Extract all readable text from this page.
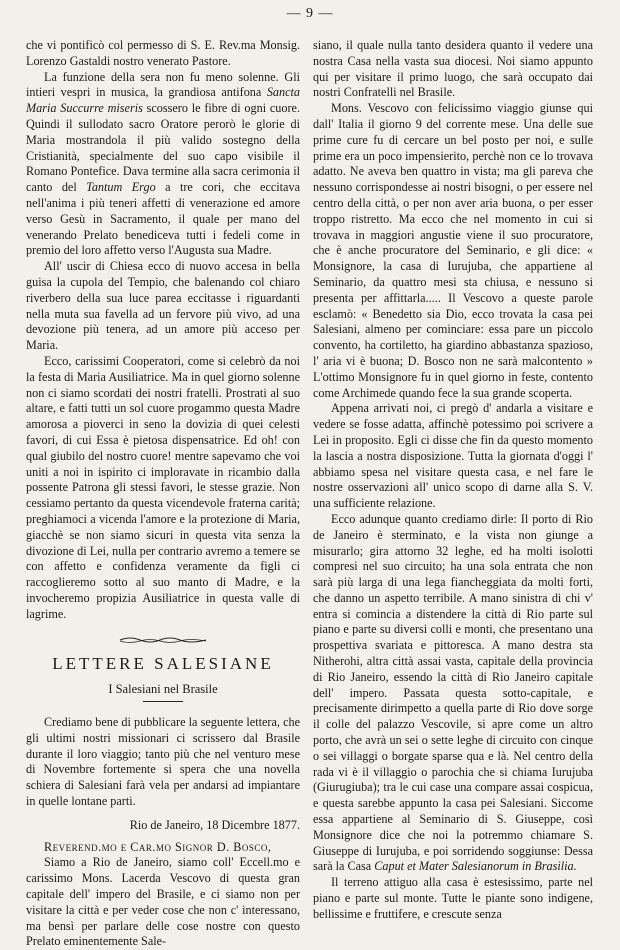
— 9 —

che vi pontificò col permesso di S. E. Rev.ma Monsig. Lorenzo Gastaldi nostro venerato Pastore.

La funzione della sera non fu meno solenne. Gli intieri vespri in musica, la grandiosa antifona Sancta Maria Succurre miseris scossero le fibre di ogni cuore. Quindi il sullodato sacro Oratore perorò le glorie di Maria mostrandola il più valido sostegno della Cristianità, specialmente del suo capo visibile il Romano Pontefice. Dava termine alla sacra cerimonia il canto del Tantum Ergo a tre cori, che eccitava nell'anima i più teneri affetti di venerazione ed amore verso Gesù in Sacramento, il quale per mano del venerando Prelato benediceva tutti i fedeli come in premio del loro affetto verso l'Augusta sua Madre.

All' uscir di Chiesa ecco di nuovo accesa in bella guisa la cupola del Tempio, che balenando col chiaro riverbero della sua luce parea eccitasse i riguardanti nella muta sua favella ad un fervore più vivo, ad una devozione più tenera, ad un amore più acceso per Maria.

Ecco, carissimi Cooperatori, come si celebrò da noi la festa di Maria Ausiliatrice. Ma in quel giorno solenne non ci siamo scordati dei nostri fratelli. Prostrati al suo altare, e fatti tutti un sol cuore progammo questa Madre amorosa a pioverci in seno la dovizia di quei celesti favori, di cui Essa è pietosa dispensatrice. Ed oh! con qual giubilo del nostro cuore! mentre sapevamo che voi uniti a noi in ispirito ci imploravate in ricambio dalla possente Patrona gli stessi favori, le stesse grazie. Non cessiamo pertanto da questa vicendevole fraterna carità; preghiamoci a vicenda l'amore e la protezione di Maria, giacchè se non siamo sicuri in questa vita senza la divozione di Lei, nulla per contrario avremo a temere se con affetto e confidenza veramente da figli ci raccoglieremo sotto al suo manto di Madre, e la invocheremo propizia Ausiliatrice in questa valle di lagrime.

LETTERE SALESIANE
I Salesiani nel Brasile

Crediamo bene di pubblicare la seguente lettera, che gli ultimi nostri missionari ci scrissero dal Brasile durante il loro viaggio; tanto più che nel venturo mese di Novembre fortemente si spera che una novella schiera di Salesiani farà vela per andarsi ad impiantare in quelle lontane parti.

Rio de Janeiro, 18 Dicembre 1877.

Reverend.mo e Car.mo Signor D. Bosco,

Siamo a Rio de Janeiro, siamo coll' Eccell.mo e carissimo Mons. Lacerda Vescovo di questa gran capitale dell' impero del Brasile, e ci siamo non per visitare la città e per veder cose che non c' interessano, ma bensì per parlare delle cose nostre con questo Prelato eminentemente Sale-

siano, il quale nulla tanto desidera quanto il vedere una nostra Casa nella vasta sua diocesi. Noi siamo appunto qui per visitare il primo luogo, che sarà occupato dai nostri Confratelli nel Brasile.

Mons. Vescovo con felicissimo viaggio giunse qui dall' Italia il giorno 9 del corrente mese. Una delle sue prime cure fu di cercare un bel posto per noi, e sulle prime era un poco impensierito, perchè non ce lo trovava adatto. Ne aveva ben quattro in vista; ma gli pareva che nessuno corrispondesse ai nostri bisogni, o per essere nel centro della città, o per non aver aria buona, o per esser troppo ristretto. Ma ecco che nel momento in cui si trovava in maggiori angustie viene il suo procuratore, che è anche procuratore del Seminario, e gli dice: « Monsignore, la casa di Iurujuba, che appartiene al Seminario, da quattro mesi sta chiusa, e nessuno si presenta per affittarla..... Il Vescovo a queste parole esclamò: « Benedetto sia Dio, ecco trovata la casa pei Salesiani, almeno per cominciare: essa pare un piccolo convento, ha cortiletto, ha giardino abbastanza spazioso, l' aria vi è buona; D. Bosco non ne sarà malcontento » L'ottimo Monsignore fu in quel giorno in feste, contento come Archimede quando fece la sua grande scoperta.

Appena arrivati noi, ci pregò d' andarla a visitare e vedere se fosse adatta, affinchè potessimo poi scrivere a Lei in proposito. Egli ci disse che fin da questo momento la lascia a nostra disposizione. Tutta la giornata d'oggi l' abbiamo spesa nel visitare questa casa, e nel fare le nostre osservazioni all' unico scopo di darne alla S. V. una sufficiente relazione.

Ecco adunque quanto crediamo dirle: Il porto di Rio de Janeiro è sterminato, e la vista non giunge a misurarlo; gira attorno 32 leghe, ed ha molti isolotti compresi nel suo circuito; ha una sola entrata che non sarà più larga di una lega fiancheggiata da molti forti, che danno un aspetto terribile. A mano sinistra di chi v' entra si comincia a distendere la città di Rio parte sul piano e parte su diversi colli e monti, che presentano una prospettiva svariata e pittoresca. A mano destra sta Nitherohi, altra città assai vasta, capitale della provincia di Rio Janeiro, essendo la città di Rio Janeiro capitale dell' impero. Passata questa sotto-capitale, e precisamente dirimpetto a quella parte di Rio dove sorge il colle del palazzo Vescovile, si apre come un altro porto, che avrà un sei o sette leghe di circuito con cinque o sei villaggi o borgate sparse qua e là. Nel centro della rada vi è il villaggio o parochia che si chiama Iurujuba (Giurugiuba); tra le cui case una compare assai cospicua, e questa sarebbe appunto la casa pei Salesiani. Siccome essa appartiene al Seminario di S. Giuseppe, così Monsignore dice che noi la potremmo chiamare S. Giuseppe di Iurujuba, e poi sorridendo soggiunse: Dessa sarà la Casa Caput et Mater Salesianorum in Brasilia.

Il terreno attiguo alla casa è estesissimo, parte nel piano e parte sul monte. Tutte le piante sono indigene, bellissime e fruttifere, e crescute senza
